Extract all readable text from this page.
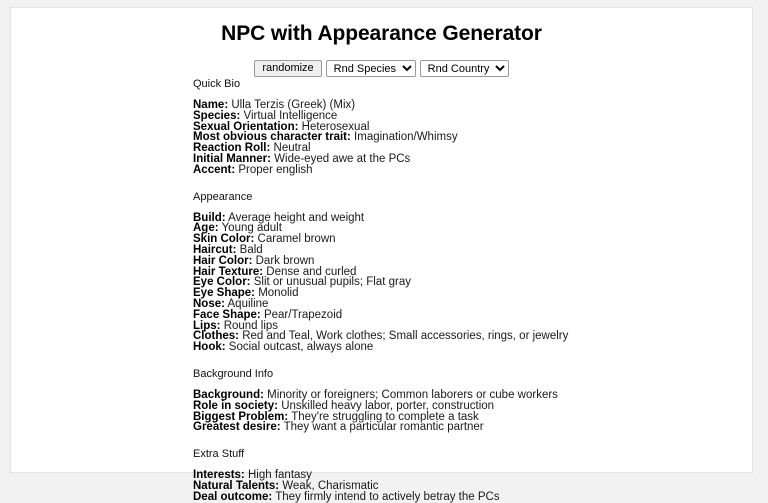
NPC with Appearance Generator
randomize
Rnd Species
Rnd Country
Quick Bio
Name: Ulla Terzis (Greek) (Mix)
Species: Virtual Intelligence
Sexual Orientation: Heterosexual
Most obvious character trait: Imagination/Whimsy
Reaction Roll: Neutral
Initial Manner: Wide-eyed awe at the PCs
Accent: Proper english
Appearance
Build: Average height and weight
Age: Young adult
Skin Color: Caramel brown
Haircut: Bald
Hair Color: Dark brown
Hair Texture: Dense and curled
Eye Color: Slit or unusual pupils; Flat gray
Eye Shape: Monolid
Nose: Aquiline
Face Shape: Pear/Trapezoid
Lips: Round lips
Clothes: Red and Teal, Work clothes; Small accessories, rings, or jewelry
Hook: Social outcast, always alone
Background Info
Background: Minority or foreigners; Common laborers or cube workers
Role in society: Unskilled heavy labor, porter, construction
Biggest Problem: They're struggling to complete a task
Greatest desire: They want a particular romantic partner
Extra Stuff
Interests: High fantasy
Natural Talents: Weak, Charismatic
Deal outcome: They firmly intend to actively betray the PCs
